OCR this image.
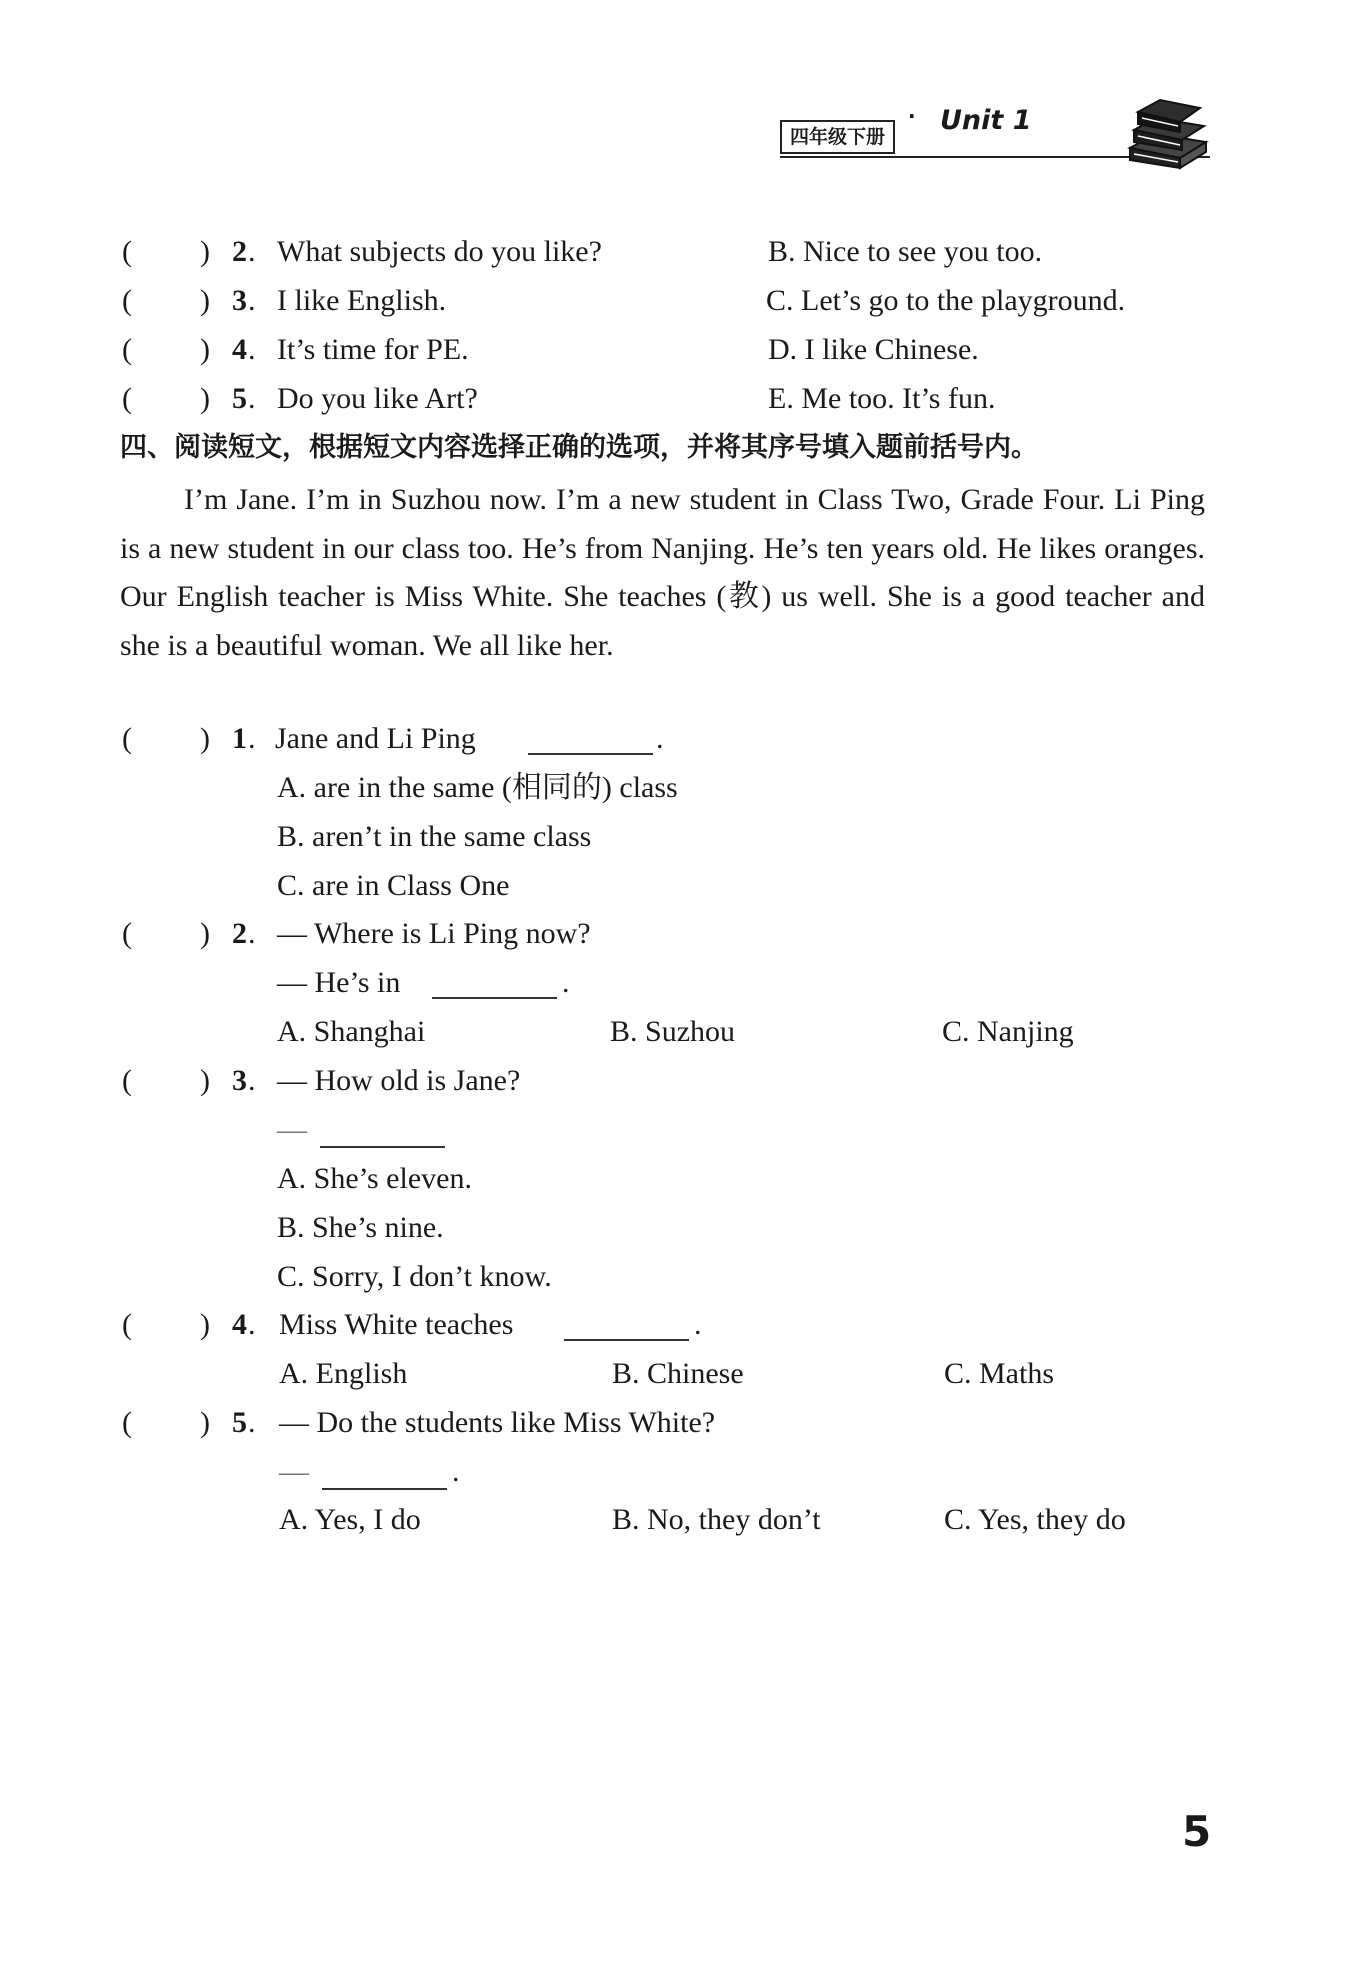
四年级下册
· Unit 1
( ) 2 . What subjects do you like?	B. Nice to see you too.
( ) 3 . I like English.	C. Let’s go to the playground.
( ) 4 . It’s time for PE.	D. I like Chinese.
( ) 5 . Do you like Art?	E. Me too. It’s fun.
四、阅读短文，根据短文内容选择正确的选项，并将其序号填入题前括号内。

I’m Jane. I’m in Suzhou now. I’m a new student in Class Two, Grade Four. Li Ping is a new student in our class too. He’s from Nanjing. He’s ten years old. He likes oranges. Our English teacher is Miss White. She teaches (教) us well. She is a good teacher and she is a beautiful woman. We all like her.

( ) 1 . Jane and Li Ping	.
A. are in the same (相同的) class
B. aren’t in the same class
C. are in Class One
( ) 2 . — Where is Li Ping now?
— He’s in	.
A. Shanghai	B. Suzhou	C. Nanjing
( ) 3 . — How old is Jane?
—
A. She’s eleven.
B. She’s nine.
C. Sorry, I don’t know.
( ) 4 . Miss White teaches	.
A. English	B. Chinese	C. Maths
( ) 5 . — Do the students like Miss White?
—	.
A. Yes, I do	B. No, they don’t	C. Yes, they do
5
